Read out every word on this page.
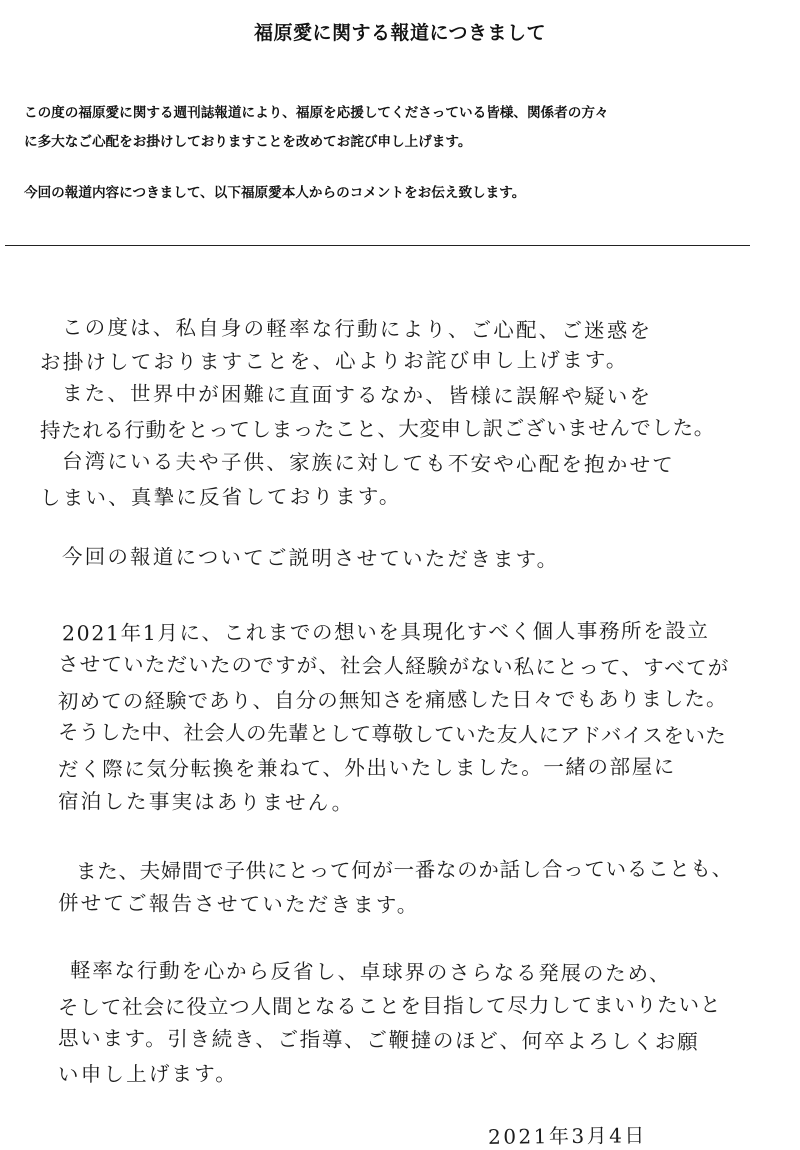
福原愛に関する報道につきまして
この度の福原愛に関する週刊誌報道により、福原を応援してくださっている皆様、関係者の方々
に多大なご心配をお掛けしておりますことを改めてお詫び申し上げます。
今回の報道内容につきまして、以下福原愛本人からのコメントをお伝え致します。
この度は、私自身の軽率な行動により、ご心配、ご迷惑を
お掛けしておりますことを、心よりお詫び申し上げます。
また、世界中が困難に直面するなか、皆様に誤解や疑いを
持たれる行動をとってしまったこと、大変申し訳ございませんでした。
台湾にいる夫や子供、家族に対しても不安や心配を抱かせて
しまい、真摯に反省しております。
今回の報道についてご説明させていただきます。
2021年1月に、これまでの想いを具現化すべく個人事務所を設立
させていただいたのですが、社会人経験がない私にとって、すべてが
初めての経験であり、自分の無知さを痛感した日々でもありました。
そうした中、社会人の先輩として尊敬していた友人にアドバイスをいた
だく際に気分転換を兼ねて、外出いたしました。一緒の部屋に
宿泊した事実はありません。
また、夫婦間で子供にとって何が一番なのか話し合っていることも、
併せてご報告させていただきます。
軽率な行動を心から反省し、卓球界のさらなる発展のため、
そして社会に役立つ人間となることを目指して尽力してまいりたいと
思います。引き続き、ご指導、ご鞭撻のほど、何卒よろしくお願
い申し上げます。
2021年3月4日
